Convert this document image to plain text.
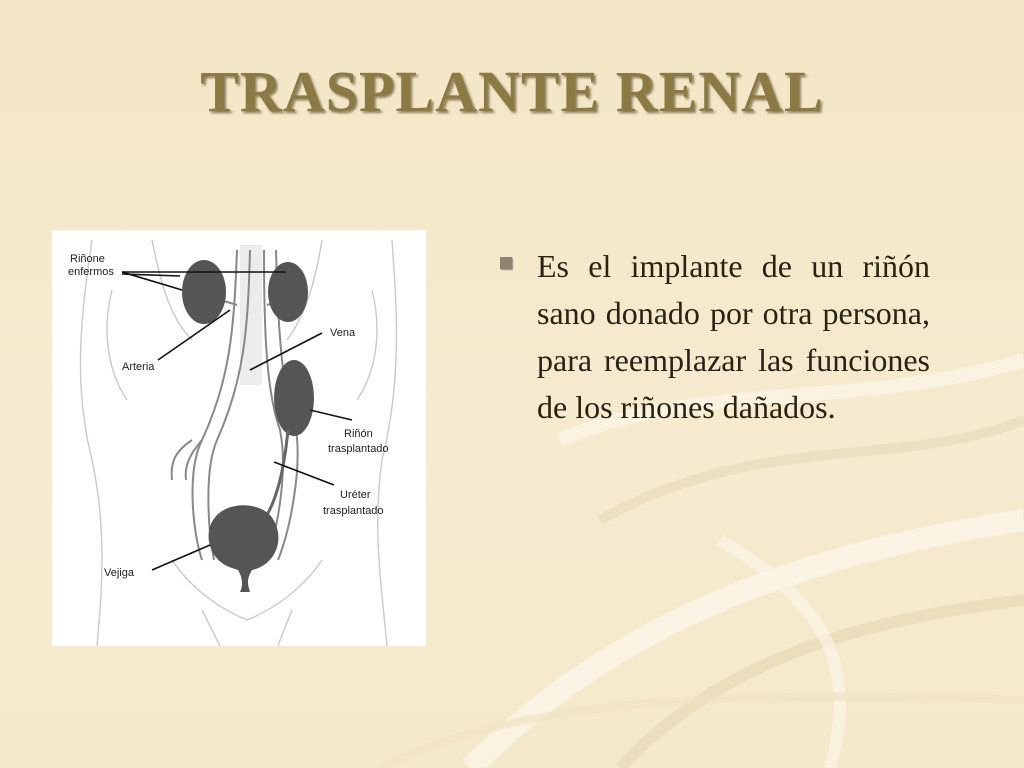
TRASPLANTE RENAL
Riñone
enfermos
Arteria
Vena
Riñón
trasplantado
Uréter
trasplantado
Vejiga

Es el implante de un riñón sano donado por otra persona, para reemplazar las funciones de los riñones dañados.
